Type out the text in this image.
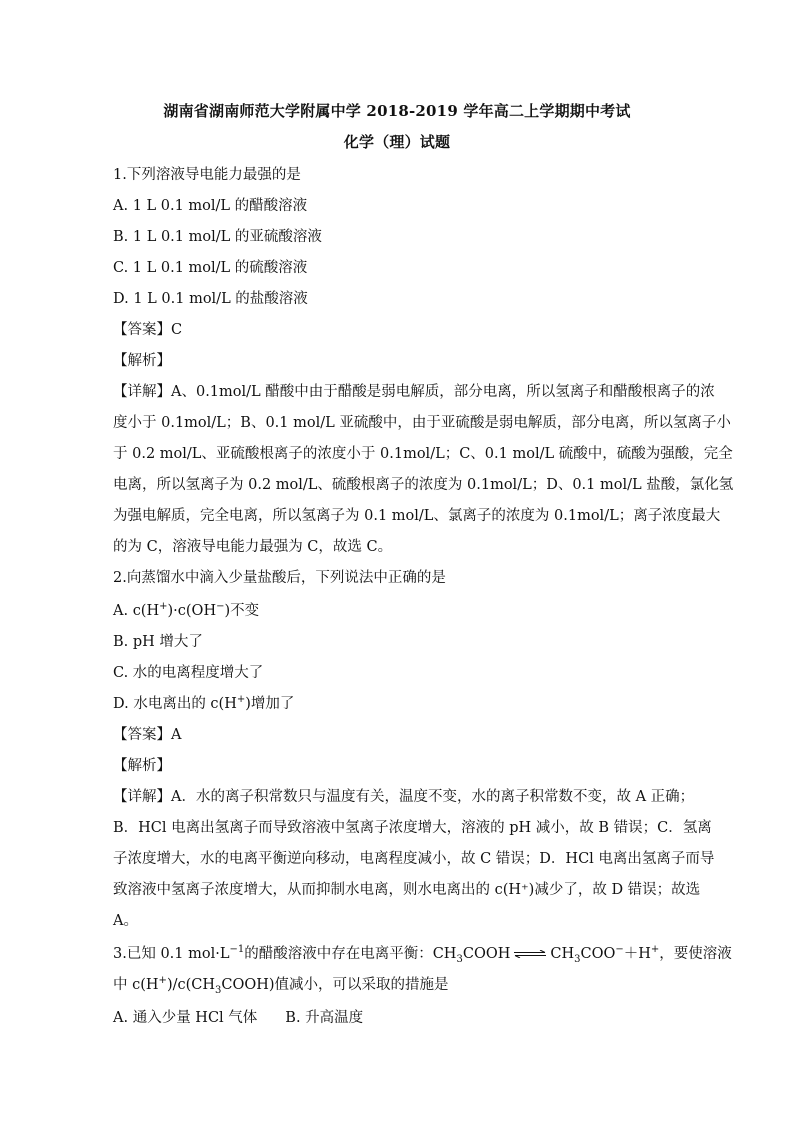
湖南省湖南师范大学附属中学 2018-2019 学年高二上学期期中考试
化学（理）试题
1.下列溶液导电能力最强的是
A. 1 L 0.1 mol/L 的醋酸溶液
B. 1 L 0.1 mol/L 的亚硫酸溶液
C. 1 L 0.1 mol/L 的硫酸溶液
D. 1 L 0.1 mol/L 的盐酸溶液
【答案】C
【解析】
【详解】A、0.1mol/L 醋酸中由于醋酸是弱电解质，部分电离，所以氢离子和醋酸根离子的浓
度小于 0.1mol/L；B、0.1 mol/L 亚硫酸中，由于亚硫酸是弱电解质，部分电离，所以氢离子小
于 0.2 mol/L、亚硫酸根离子的浓度小于 0.1mol/L；C、0.1 mol/L 硫酸中，硫酸为强酸，完全
电离，所以氢离子为 0.2 mol/L、硫酸根离子的浓度为 0.1mol/L；D、0.1 mol/L 盐酸，氯化氢
为强电解质，完全电离，所以氢离子为 0.1 mol/L、氯离子的浓度为 0.1mol/L；离子浓度最大
的为 C，溶液导电能力最强为 C，故选 C。
2.向蒸馏水中滴入少量盐酸后，下列说法中正确的是
A. c(H+)·c(OH−)不变
B. pH 增大了
C. 水的电离程度增大了
D. 水电离出的 c(H+)增加了
【答案】A
【解析】
【详解】A．水的离子积常数只与温度有关，温度不变，水的离子积常数不变，故 A 正确；
B．HCl 电离出氢离子而导致溶液中氢离子浓度增大，溶液的 pH 减小，故 B 错误；C．氢离
子浓度增大，水的电离平衡逆向移动，电离程度减小，故 C 错误；D．HCl 电离出氢离子而导
致溶液中氢离子浓度增大，从而抑制水电离，则水电离出的 c(H⁺)减少了，故 D 错误；故选
A。
3.已知 0.1 $mol\cdot L^{-1}$的醋酸溶液中存在电离平衡：$CH_3COOH$ ⇌ $CH_3COO^-+H^+$，要使溶液
中 $c(H^+)/c(CH_3COOH)$值减小，可以采取的措施是
A. 通入少量 HCl 气体 B. 升高温度
